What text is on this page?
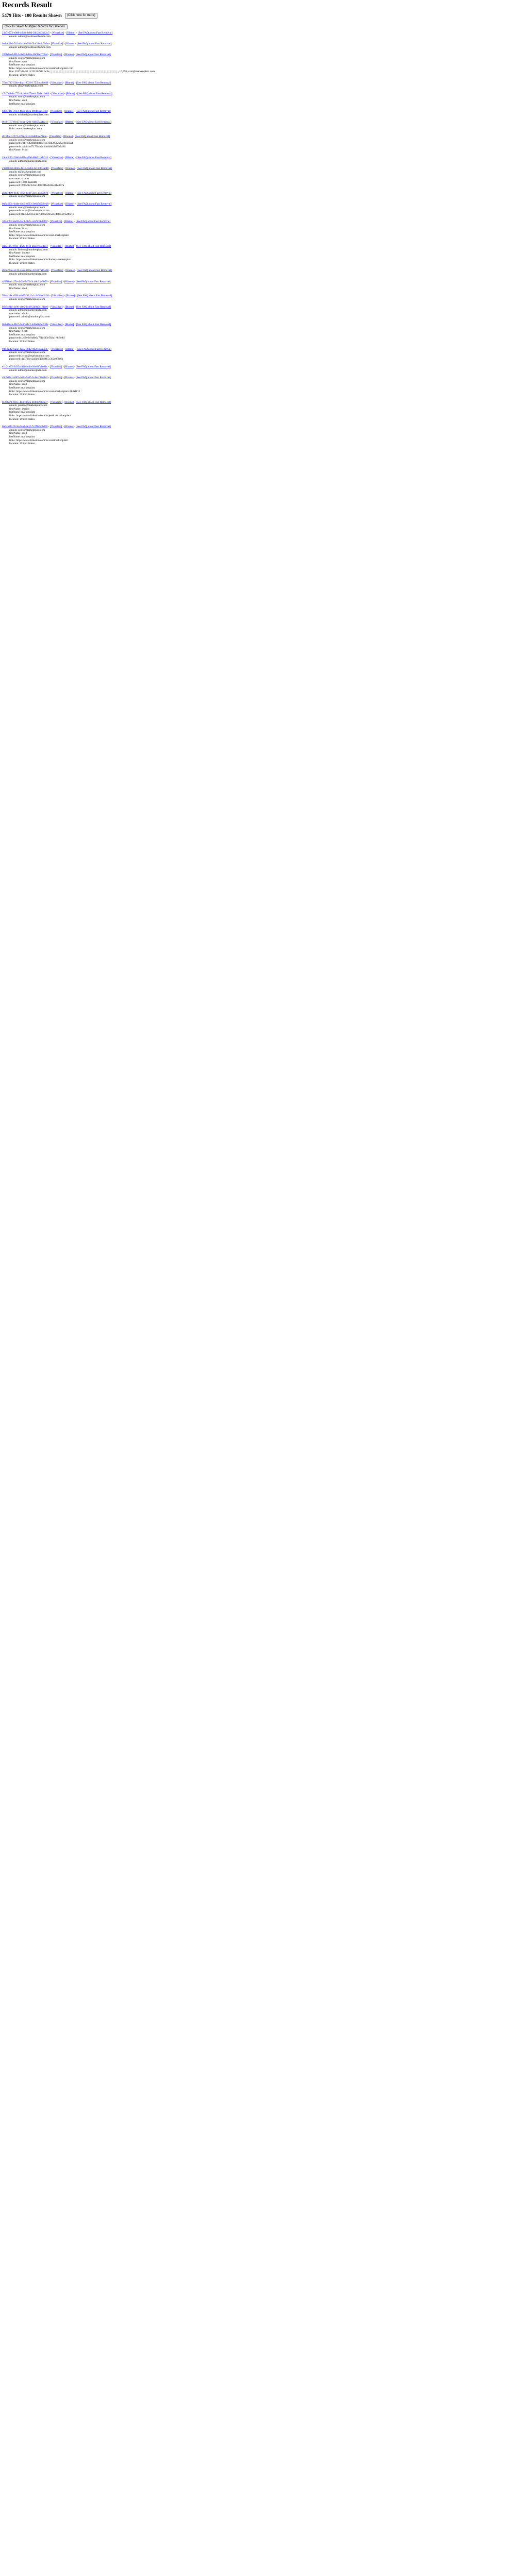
Records Result
5479 Hits - 100 Results Shown (Click here for more)
Click to Select Multiple Records for Deletion
21a7e973-e088-40d8-9e8d-30b2bb3b12c5 - [Visualize] - [Blame] - [See FAQ about Fast Removal]
emails: admin@tostitoseoforum.com
0a1ac21d-f31b-4a1a-a694-3bd21d3c3b2e - [Visualize] - [Blame] - [See FAQ about Fast Removal]
emails: admin@tostitoseoforum.com
206b2ecd-6f14-4bd3-b48a-1bf98ef7f3ed - [Visualize] - [Blame] - [See FAQ about Fast Removal]
emails: scott@markenplatz.com
firstName: scott
lastName: markenplatz
links: https://www.linkedin.com/in/scottmarkenplatz.com
line: 2017-02-20 12:05:30.982 bc3e;;;;;;;;;;;;;;;;;;;;;;;;;;;;;;;;;;;;;;;;;;;;;;;;;;;;;;;;;;;;;;;;;;;;;;;;;;;;;;;;;;;;;;;;,,,16,595,scott@markenplatz.com
location: United States
7fbe4717-5f4e-4ba1-8726-1755bca3b60f - [Visualize] - [Blame] - [See FAQ about Fast Removal]
emails: jfit@markenplatz.com
4747a4bd-c772-4cb0-b47b-e1c5b2e16e84 - [Visualize] - [Blame] - [See FAQ about Fast Removal]
emails: scott@markenplatz.com
firstName: scott
lastName: markenplatz
6d0f74fa-7633-40ab-a6ea-0b9f1aad4cbd - [Visualize] - [Blame] - [See FAQ about Fast Removal]
emails: michael@markenplatz.com
0cd0f177-8c45-4eaa-8201-6db59aa4ea1c - [Visualize] - [Blame] - [See FAQ about Fast Removal]
emails: scott@markenplatz.com
links: www.markenplatz.com
dfc5f3ef-2372-4f9a-b214-0ab8bcef9ade - [Visualize] - [Blame] - [See FAQ about Fast Removal]
emails: scott@markenplatz.com
password: e017e7f2dd8cb8a0ef1e7f2b2e7f2ab2e81f25a4
passwords: a3c01ed7175f4b2c3bc6a6d1b33b2a96
firstName: Scott
2abd5df2-2b6d-4d5b-a69d-b0e51cafc311 - [Visualize] - [Blame] - [See FAQ about Fast Removal]
emails: admin@markenplatz.com
21883360-862b-4d13-9a0d-3a16bf7eadf0 - [Visualize] - [Blame] - [See FAQ about Fast Removal]
emails: ti@markenplatz.com
emails: scott@markenplatz.com
username: scottm
password: 1398-9ea6d8b
password: 3765b8c1cbe1d60c4fba0d14e3be3b7a
ab4de419-9c45-4f5b-8e0c-2a11a9d5e671 - [Visualize] - [Blame] - [See FAQ about Fast Removal]
emails: scott@markenplatz.com
0a8a4d3c-6d4e-4bd5-8f63-3e6a7d5c0e18 - [Visualize] - [Blame] - [See FAQ about Fast Removal]
emails: scott@markenplatz.com
passwords: scott@markenplatz.com
password: 8a55b2f4c3e1d70b9d2e6f5a1c4b8e3d7a2f6c1b
3d34f2c2-6e69-4ac1-9b7c-a5c9c8b8cf0f - [Visualize] - [Blame] - [See FAQ about Fast Removal]
emails: scott@markenplatz.com
firstName: Scott
lastName: markenplatz
links: https://www.linkedin.com/in/scott-markenplatz
location: United States
d1e3f4e3-0f11-4e2b-8b12-ab23cc3e4a11 - [Visualize] - [Blame] - [See FAQ about Fast Removal]
emails: lindsey@markenplatz.com
firstName: lindsey
lastName: markenplatz
links: https://www.linkedin.com/in/lindsey-markenplatz
location: United States
d6cc2d4e-e141-4a5e-b04e-4c56b7a15e48 - [Visualize] - [Blame] - [See FAQ about Fast Removal]
emails: admin@markenplatz.com
4fd7ffed-1f7e-4a2b-9d72-3c46b13e3b59 - [Visualize] - [Blame] - [See FAQ about Fast Removal]
emails: scott@markenplatz.com
firstName: scott
58a4cb8c-d63c-4b83-9212-1c4c9bee2c30 - [Visualize] - [Blame] - [See FAQ about Fast Removal]
emails: scott@markenplatz.com
b6b5c4fd-4e96-48e2-8cb8-2d9a3f1fd4c6 - [Visualize] - [Blame] - [See FAQ about Fast Removal]
emails: admin@markenplatz.com
username: admin
password: admin@markenplatz.com
0b1d2e4a-6fe7-4c4f-b1c2-dd3e0e6e2c8b - [Visualize] - [Blame] - [See FAQ about Fast Removal]
emails: scott@markenplatz.com
firstName: Scott
lastName: markenplatz
passwords: 2d9e0c9a8b6a7f1c4d3e5b2a1f0c9e8d
location: United States
94d3a0f2-6a4e-4aa5-80d2-9b2e75aa3e27 - [Visualize] - [Blame] - [See FAQ about Fast Removal]
emails: scott@markenplatz.com
passwords: scott@markenplatz.com
password: 4a37b6ec2a9d6f10b6f15c3c2e9f2e6b
e1b2ce75-3d32-4a8f-bcdb-94ef8fb1e81c - [Visualize] - [Blame] - [See FAQ about Fast Removal]
emails: admin@markenplatz.com
c8c5d3a1-b0f2-4c8b-9a6f-2e1e4f52d4e2 - [Visualize] - [Blame] - [See FAQ about Fast Removal]
emails: scott@markenplatz.com
firstName: scott
lastName: markenplatz
links: https://www.linkedin.com/in/scott-markenplatz-3b4a1f12
location: United States
f52e6a71-0c1e-4d3f-8b2a-4fd6d2e1cb77 - [Visualize] - [Blame] - [See FAQ about Fast Removal]
emails: jessica@markenplatz.com
firstName: jessica
lastName: markenplatz
links: https://www.linkedin.com/in/jessica-markenplatz
location: United States
0ad4b2f1-9c3e-4aa0-8e1f-7c2f1a5b8d60 - [Visualize] - [Blame] - [See FAQ about Fast Removal]
emails: scott@markenplatz.com
firstName: scott
lastName: markenplatz
links: https://www.linkedin.com/in/scottmarkenplatz
location: United States
